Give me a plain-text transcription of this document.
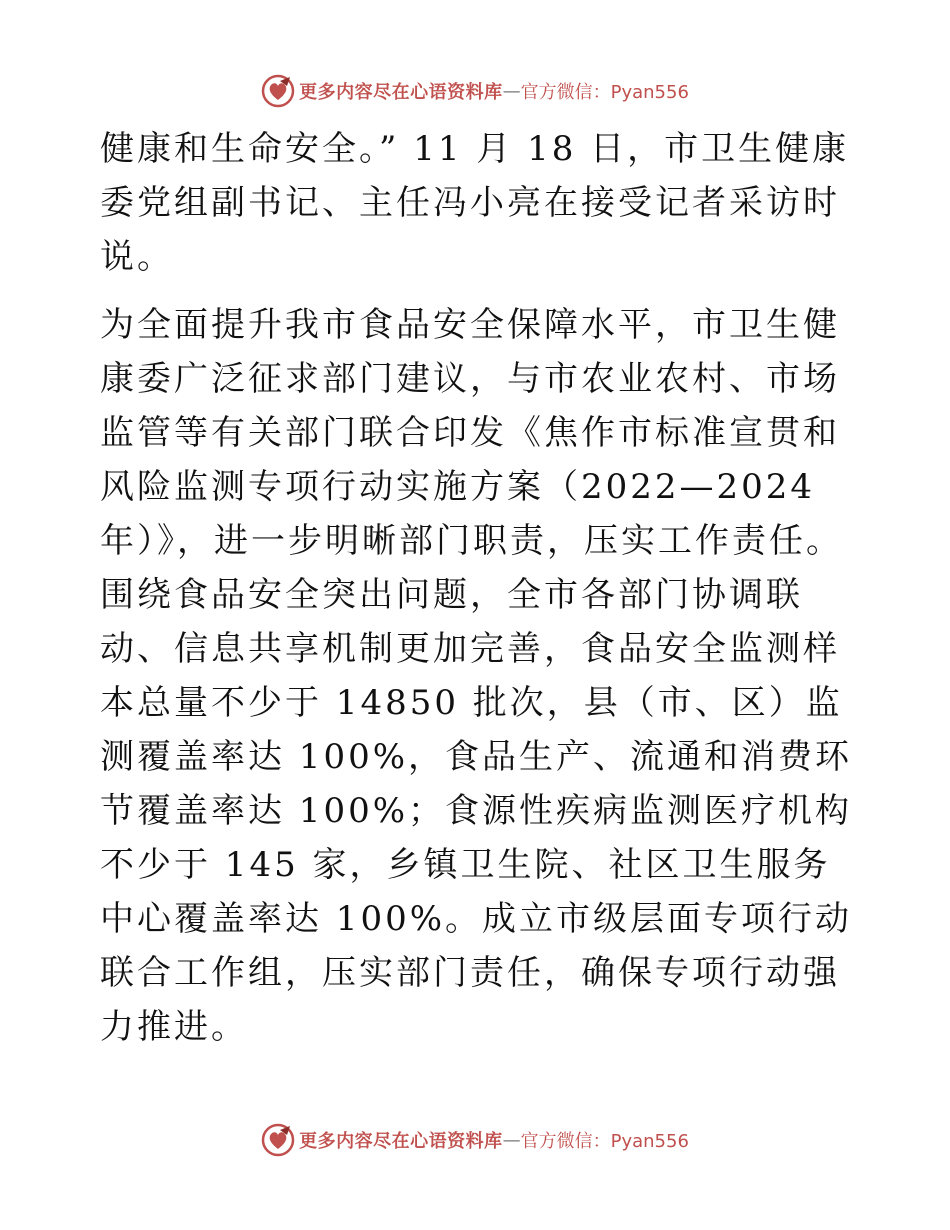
更多内容尽在心语资料库 — 官方微信：Pyan556

健康和生命安全。” 11 月 18 日，市卫生健康委党组副书记、主任冯小亮在接受记者采访时说。

为全面提升我市食品安全保障水平，市卫生健康委广泛征求部门建议，与市农业农村、市场监管等有关部门联合印发《焦作市标准宣贯和风险监测专项行动实施方案（2022—2024 年）》，进一步明晰部门职责，压实工作责任。围绕食品安全突出问题，全市各部门协调联动、信息共享机制更加完善，食品安全监测样本总量不少于 14850 批次，县（市、区）监测覆盖率达 100%，食品生产、流通和消费环节覆盖率达 100%；食源性疾病监测医疗机构不少于 145 家，乡镇卫生院、社区卫生服务中心覆盖率达 100%。成立市级层面专项行动联合工作组，压实部门责任，确保专项行动强力推进。

更多内容尽在心语资料库 — 官方微信：Pyan556
